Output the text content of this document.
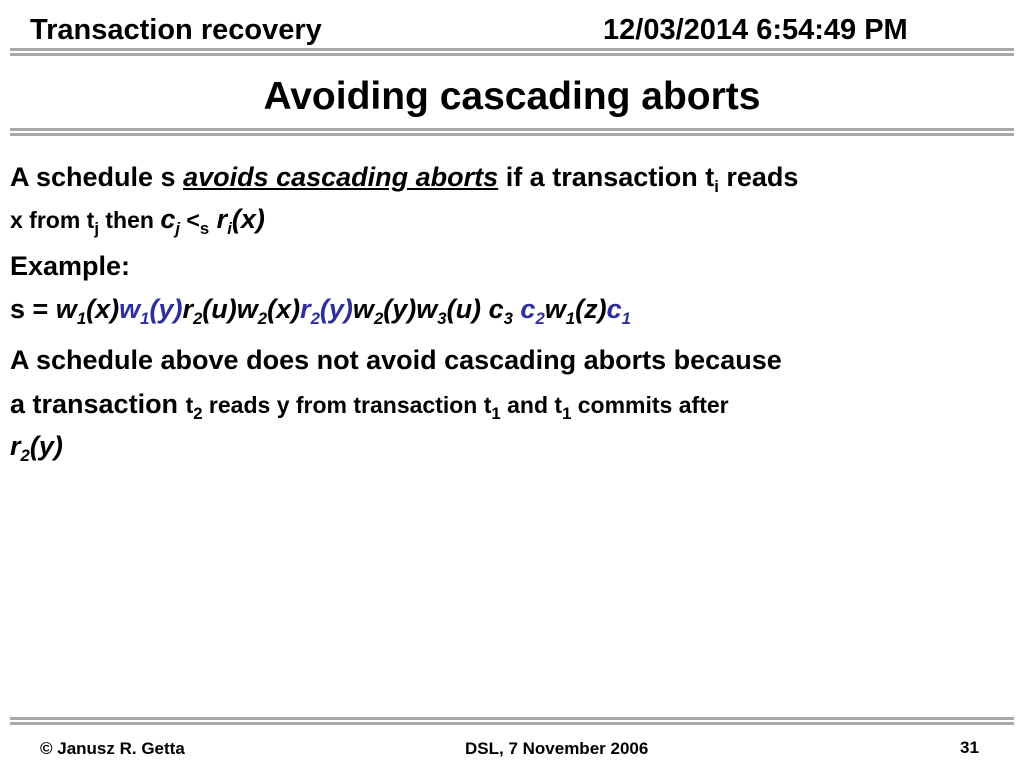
Transaction recovery	12/03/2014 6:54:49 PM
Avoiding cascading aborts
A schedule s avoids cascading aborts if a transaction $t_i$ reads
x from $t_j$ then $c_j <_s$ $r_i(x)$
Example:
$s = w_1(x)w_1(y)r_2(u)w_2(x)r_2(y)w_2(y)w_3(u)$ $c_3$ $c_2w_1(z)c_1$
A schedule above does not avoid cascading aborts because
a transaction $t_2$ reads y from transaction $t_1$ and $t_1$ commits after
$r_2(y)$
© Janusz R. Getta	DSL, 7 November 2006	31
